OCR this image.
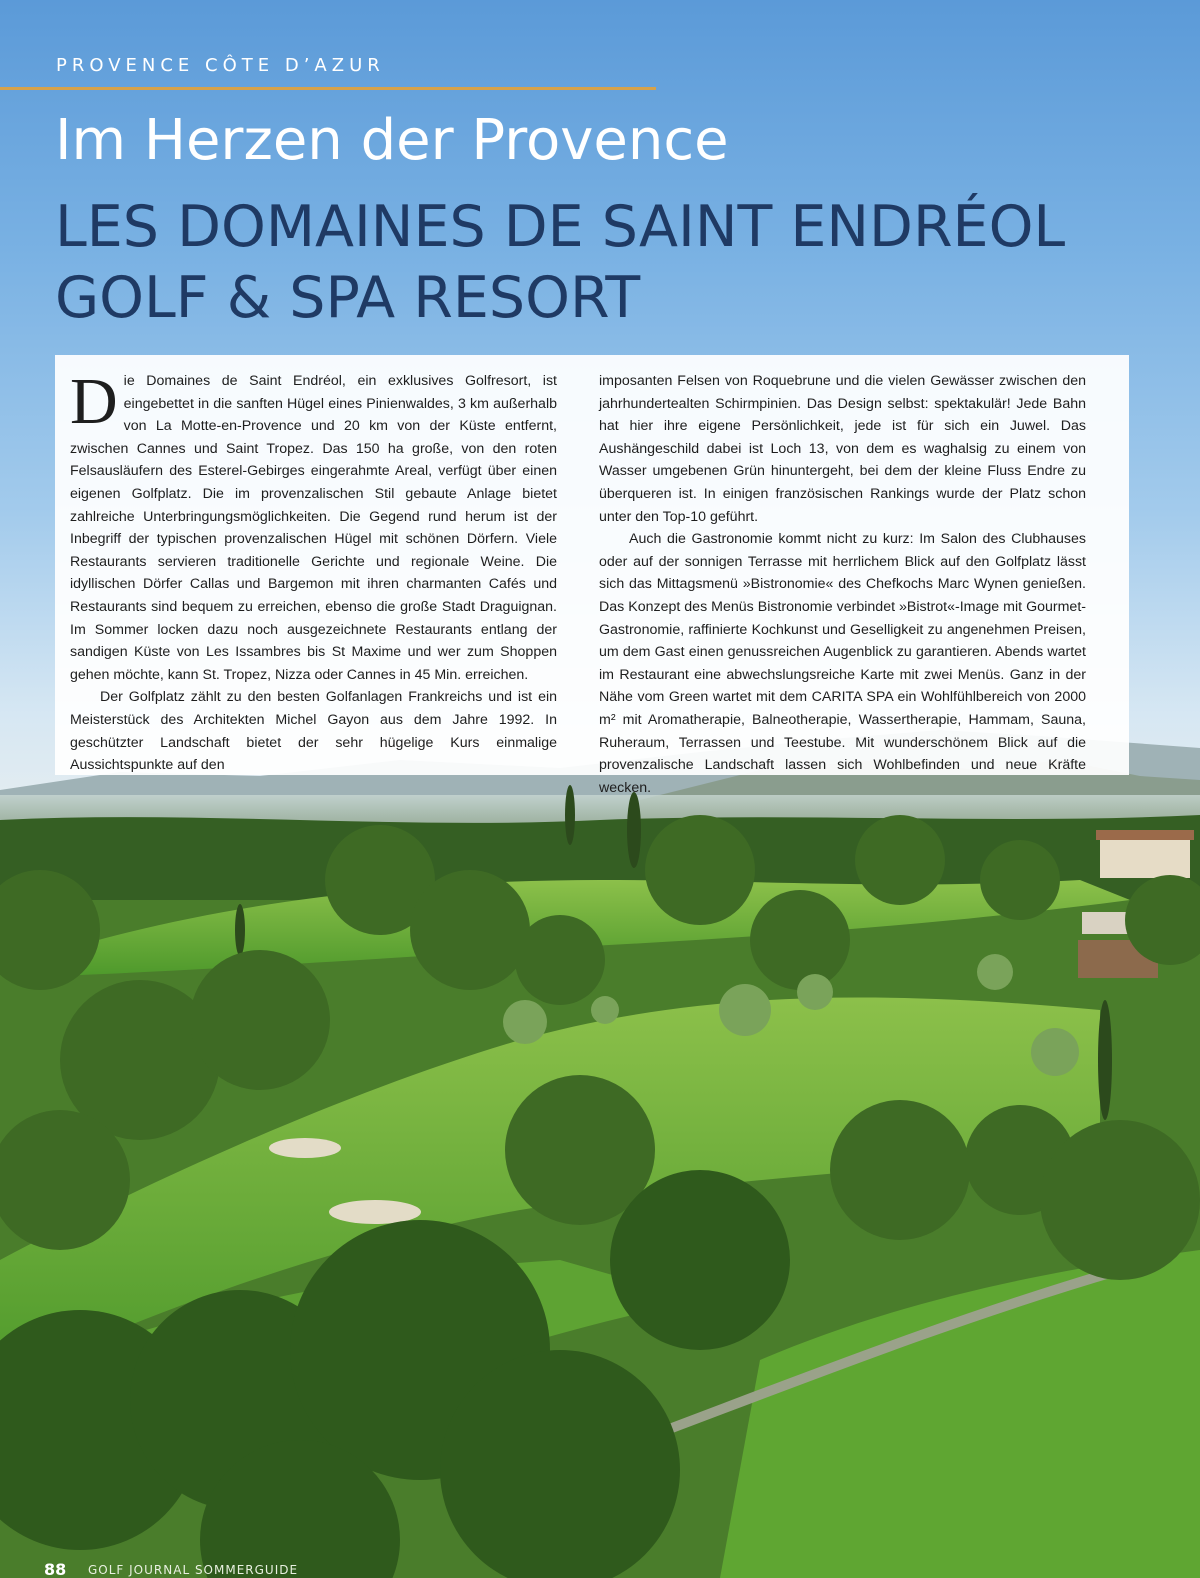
PROVENCE CÔTE D’AZUR
Im Herzen der Provence
LES DOMAINES DE SAINT ENDRÉOL
GOLF & SPA RESORT

Die Domaines de Saint Endréol, ein exklusives Golfresort, ist eingebettet in die sanften Hügel eines Pinienwaldes, 3 km außerhalb von La Motte-en-Provence und 20 km von der Küste entfernt, zwischen Cannes und Saint Tropez. Das 150 ha große, von den roten Felsausläufern des Esterel-Gebirges eingerahmte Areal, verfügt über einen eigenen Golfplatz. Die im provenzalischen Stil gebaute Anlage bietet zahlreiche Unterbringungsmöglichkeiten. Die Gegend rund herum ist der Inbegriff der typischen provenzalischen Hügel mit schönen Dörfern. Viele Restaurants servieren traditionelle Gerichte und regionale Weine. Die idyllischen Dörfer Callas und Bargemon mit ihren charmanten Cafés und Restaurants sind bequem zu erreichen, ebenso die große Stadt Draguignan. Im Sommer locken dazu noch ausgezeichnete Restaurants entlang der sandigen Küste von Les Issambres bis St Maxime und wer zum Shoppen gehen möchte, kann St. Tropez, Nizza oder Cannes in 45 Min. erreichen.

Der Golfplatz zählt zu den besten Golfanlagen Frankreichs und ist ein Meisterstück des Architekten Michel Gayon aus dem Jahre 1992. In geschützter Landschaft bietet der sehr hügelige Kurs einmalige Aussichtspunkte auf den

imposanten Felsen von Roquebrune und die vielen Gewässer zwischen den jahrhundertealten Schirmpinien. Das Design selbst: spektakulär! Jede Bahn hat hier ihre eigene Persönlichkeit, jede ist für sich ein Juwel. Das Aushängeschild dabei ist Loch 13, von dem es waghalsig zu einem von Wasser umgebenen Grün hinuntergeht, bei dem der kleine Fluss Endre zu überqueren ist. In einigen französischen Rankings wurde der Platz schon unter den Top-10 geführt.

Auch die Gastronomie kommt nicht zu kurz: Im Salon des Clubhauses oder auf der sonnigen Terrasse mit herrlichem Blick auf den Golfplatz lässt sich das Mittagsmenü »Bistronomie« des Chefkochs Marc Wynen genießen. Das Konzept des Menüs Bistronomie verbindet »Bistrot«-Image mit Gourmet-Gastronomie, raffinierte Kochkunst und Geselligkeit zu angenehmen Preisen, um dem Gast einen genussreichen Augenblick zu garantieren. Abends wartet im Restaurant eine abwechslungsreiche Karte mit zwei Menüs. Ganz in der Nähe vom Green wartet mit dem CARITA SPA ein Wohlfühlbereich von 2000 m² mit Aromatherapie, Balneotherapie, Wassertherapie, Hammam, Sauna, Ruheraum, Terrassen und Teestube. Mit wunderschönem Blick auf die provenzalische Landschaft lassen sich Wohlbefinden und neue Kräfte wecken.

88 GOLF JOURNAL SOMMERGUIDE
